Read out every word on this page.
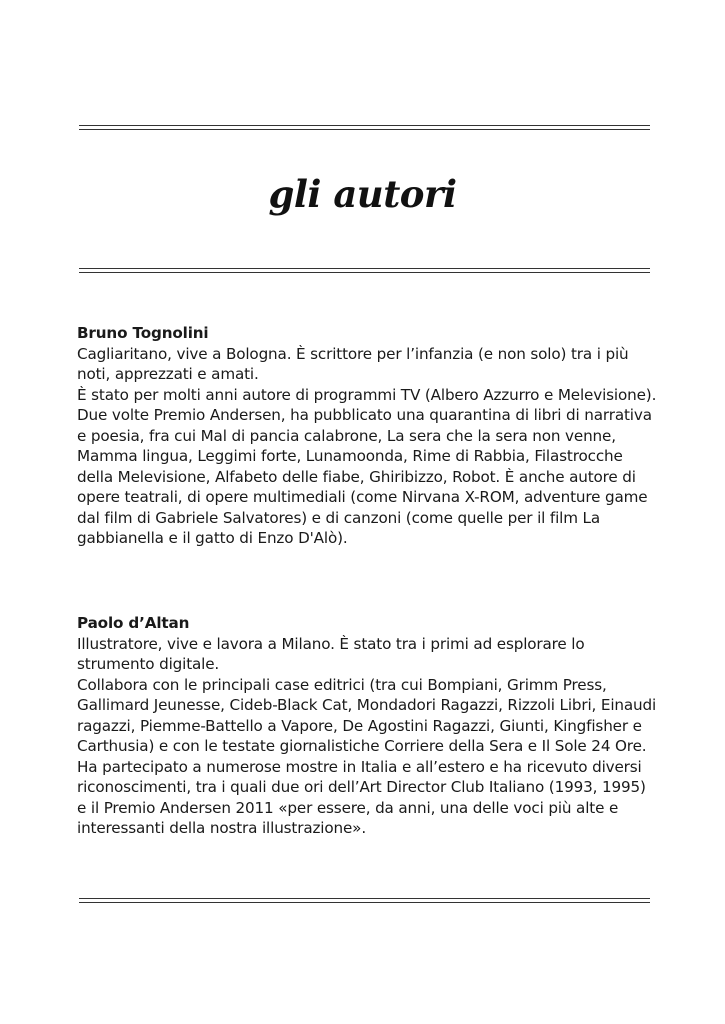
gli autori
Bruno Tognolini

Cagliaritano, vive a Bologna. È scrittore per l’infanzia (e non solo) tra i più noti, apprezzati e amati.

È stato per molti anni autore di programmi TV (Albero Azzurro e Melevisione). Due volte Premio Andersen, ha pubblicato una quarantina di libri di narrativa e poesia, fra cui Mal di pancia calabrone, La sera che la sera non venne, Mamma lingua, Leggimi forte, Lunamoonda, Rime di Rabbia, Filastrocche della Melevisione, Alfabeto delle fiabe, Ghiribizzo, Robot. È anche autore di opere teatrali, di opere multimediali (come Nirvana X-ROM, adventure game dal film di Gabriele Salvatores) e di canzoni (come quelle per il film La gabbianella e il gatto di Enzo D'Alò).

Paolo d’Altan

Illustratore, vive e lavora a Milano. È stato tra i primi ad esplorare lo strumento digitale.

Collabora con le principali case editrici (tra cui Bompiani, Grimm Press, Gallimard Jeunesse, Cideb-Black Cat, Mondadori Ragazzi, Rizzoli Libri, Einaudi ragazzi, Piemme-Battello a Vapore, De Agostini Ragazzi, Giunti, Kingfisher e Carthusia) e con le testate giornalistiche Corriere della Sera e Il Sole 24 Ore. Ha partecipato a numerose mostre in Italia e all’estero e ha ricevuto diversi riconoscimenti, tra i quali due ori dell’Art Director Club Italiano (1993, 1995) e il Premio Andersen 2011 «per essere, da anni, una delle voci più alte e interessanti della nostra illustrazione».
